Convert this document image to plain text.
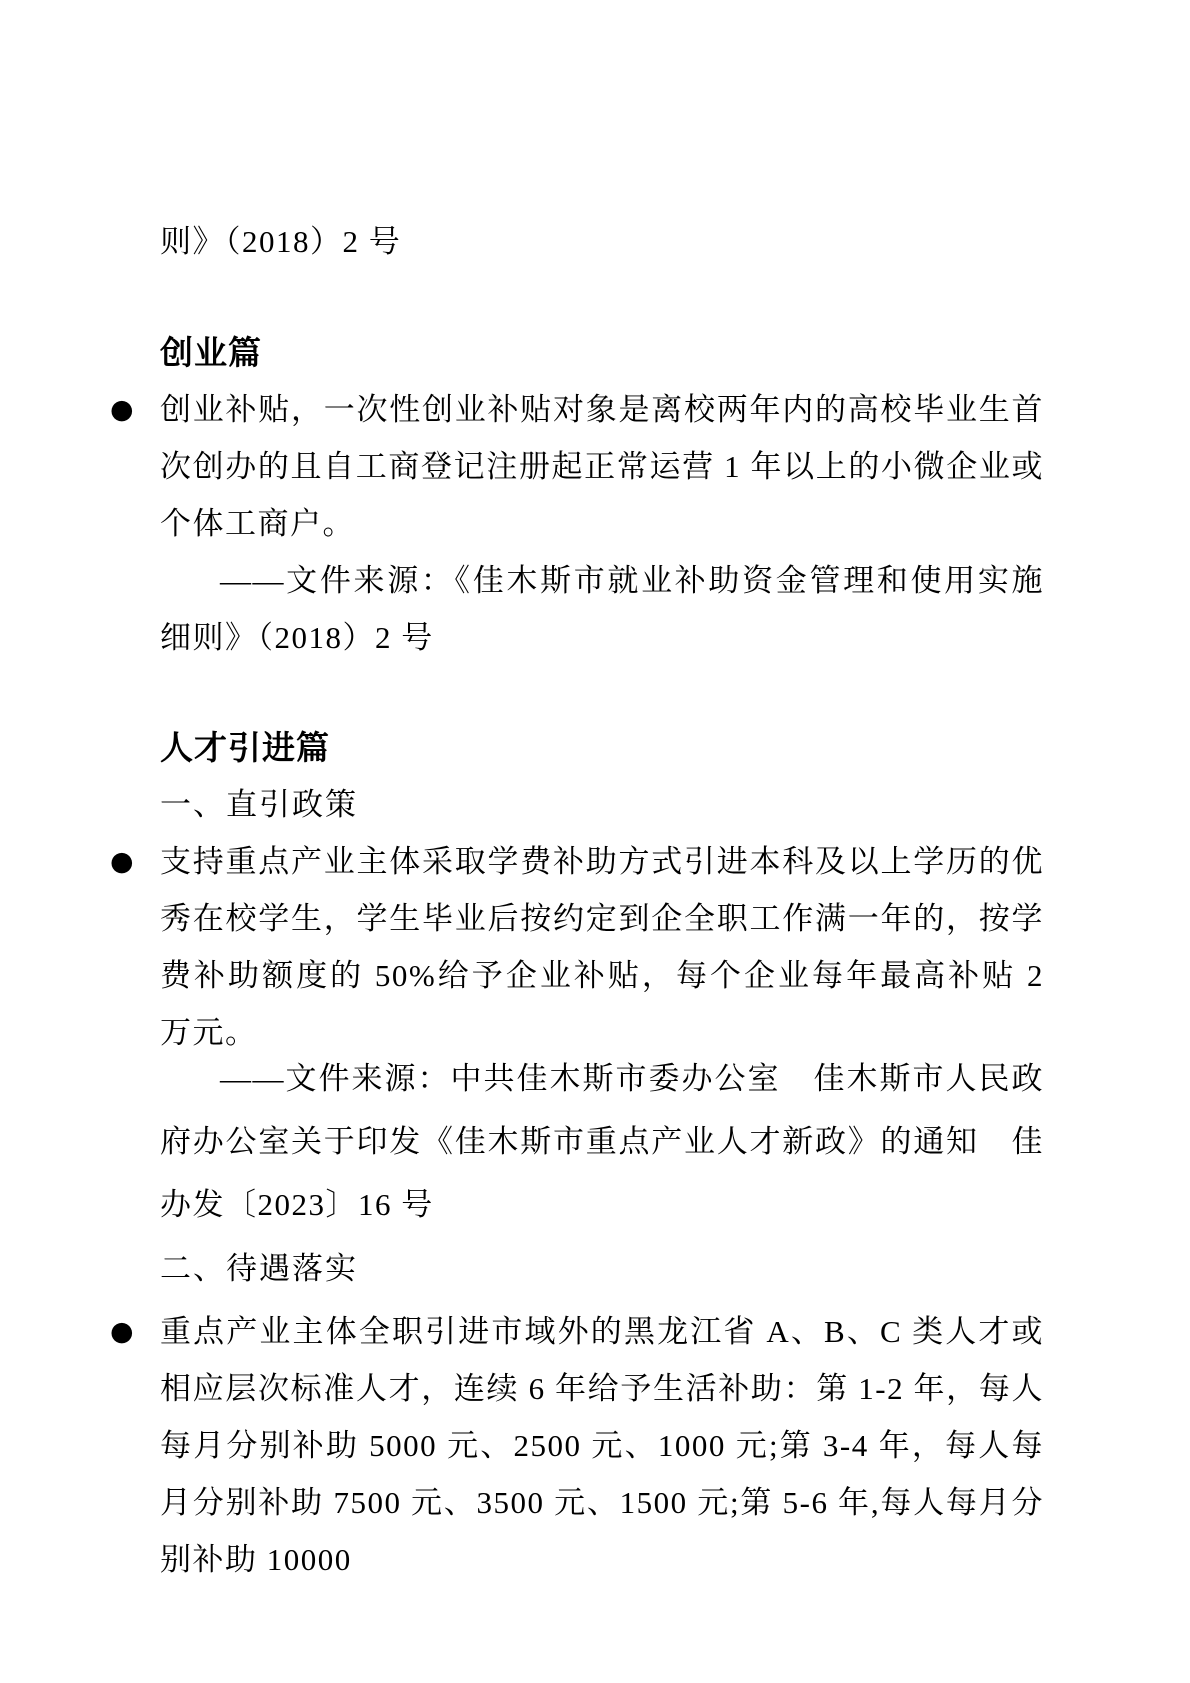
则》（2018）2 号

创业篇
● 创业补贴，一次性创业补贴对象是离校两年内的高校毕业生首次创办的且自工商登记注册起正常运营 1 年以上的小微企业或个体工商户。

——文件来源：《佳木斯市就业补助资金管理和使用实施细则》（2018）2 号

人才引进篇

一、直引政策

● 支持重点产业主体采取学费补助方式引进本科及以上学历的优秀在校学生，学生毕业后按约定到企全职工作满一年的，按学费补助额度的 50%给予企业补贴，每个企业每年最高补贴 2 万元。

——文件来源：中共佳木斯市委办公室　佳木斯市人民政府办公室关于印发《佳木斯市重点产业人才新政》的通知　佳办发〔2023〕16 号

二、待遇落实

● 重点产业主体全职引进市域外的黑龙江省 A、B、C 类人才或相应层次标准人才，连续 6 年给予生活补助：第 1-2 年，每人每月分别补助 5000 元、2500 元、1000 元;第 3-4 年，每人每月分别补助 7500 元、3500 元、1500 元;第 5-6 年,每人每月分别补助 10000
